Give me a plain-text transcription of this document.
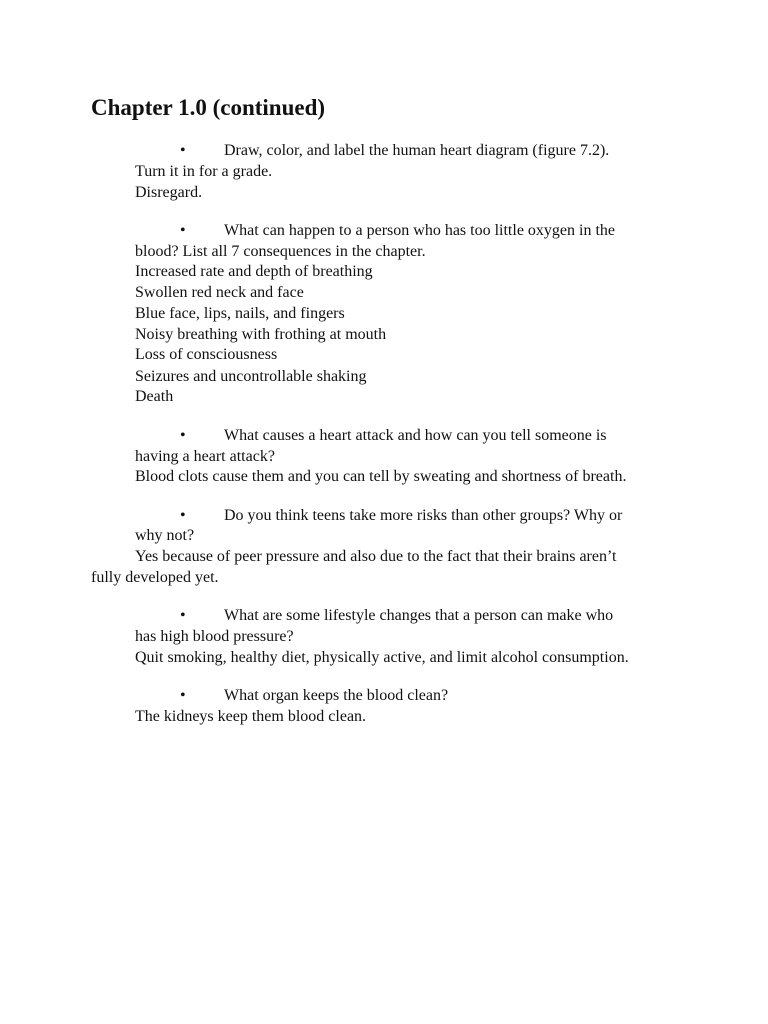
Chapter 1.0 (continued)
• Draw, color, and label the human heart diagram (figure 7.2).

Turn it in for a grade.

Disregard.

• What can happen to a person who has too little oxygen in the

blood? List all 7 consequences in the chapter.

Increased rate and depth of breathing

Swollen red neck and face

Blue face, lips, nails, and fingers

Noisy breathing with frothing at mouth

Loss of consciousness

Seizures and uncontrollable shaking

Death

• What causes a heart attack and how can you tell someone is

having a heart attack?

Blood clots cause them and you can tell by sweating and shortness of breath.

• Do you think teens take more risks than other groups? Why or

why not?

Yes because of peer pressure and also due to the fact that their brains aren’t

fully developed yet.

• What are some lifestyle changes that a person can make who

has high blood pressure?

Quit smoking, healthy diet, physically active, and limit alcohol consumption.

• What organ keeps the blood clean?

The kidneys keep them blood clean.
